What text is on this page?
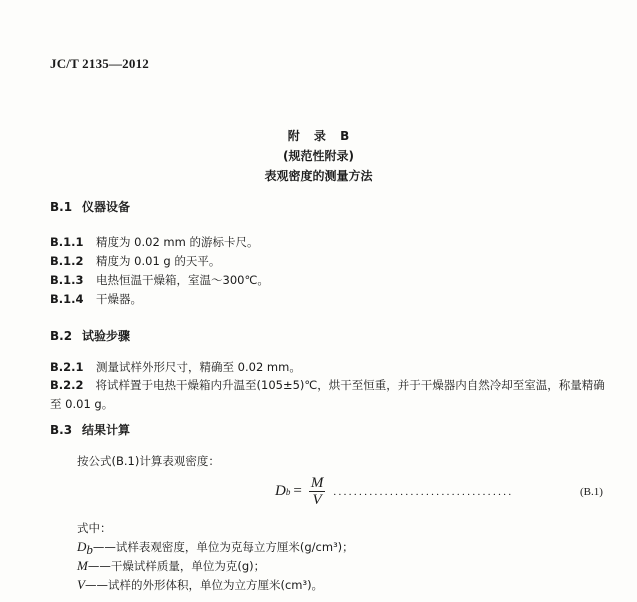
JC/T 2135—2012
附 录 B
(规范性附录)
表观密度的测量方法
B.1 仪器设备
B.1.1 精度为 0.02 mm 的游标卡尺。
B.1.2 精度为 0.01 g 的天平。
B.1.3 电热恒温干燥箱，室温～300℃。
B.1.4 干燥器。
B.2 试验步骤
B.2.1 测量试样外形尺寸，精确至 0.02 mm。
B.2.2 将试样置于电热干燥箱内升温至(105±5)℃，烘干至恒重，并于干燥器内自然冷却至室温，称量精确至 0.01 g。
B.3 结果计算
按公式(B.1)计算表观密度：
D $b = \frac{M}{V}$ ...................................	(B.1)
式中：
Db——试样表观密度，单位为克每立方厘米(g/cm³)；
M——干燥试样质量，单位为克(g)；
V——试样的外形体积，单位为立方厘米(cm³)。
